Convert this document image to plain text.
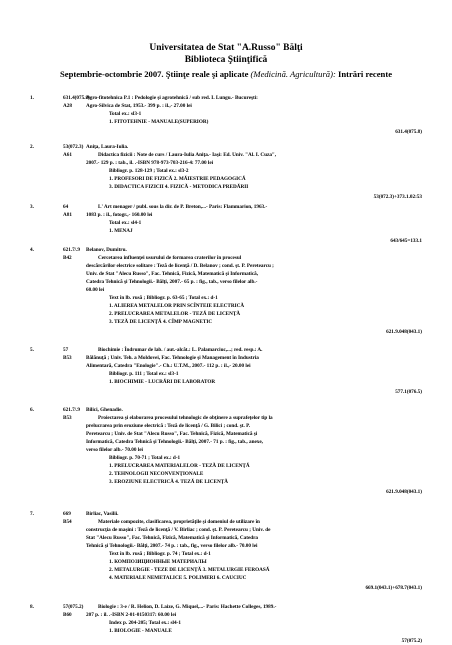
Universitatea de Stat "A.Russo" Bălţi
Biblioteca Ştiinţifică
Septembrie-octombrie 2007. Ştiinţe reale şi aplicate (Medicină. Agricultură): Intrări recente
1.	631.4(075.8)
A28
Agro-fitotehnica P.1 : Pedologie şi agrotehnică / sub red. I. Lungu.- Bucureşti:
Agro-Silvica de Stat, 1953.- 399 p. : il.,- 27.00 lei
Total ex.: sl3-1
1. FITOTEHNIE - MANUALE(SUPERIOR)
631.4(075.8)
2.	53(072.3)
A61
Aniţa, Laura-Iulia.
Didactica fizicii : Note de curs / Laura-Iulia Aniţa.- Iaşi: Ed. Univ. "Al. I. Cuza",
2007.- 129 p. : tab., il. .-ISBN 978-973-703-216-4: 77.00 lei
Bibliogr. p. 128-129 ; Total ex.: sl3-2
1. PROFESORI DE FIZICĂ 2. MĂIESTRIE PEDAGOGICĂ
3. DIDACTICA FIZICII 4. FIZICĂ - METODICA PREDĂRII
53(072.3)+373.1.02:53
3.	64
A81
L' Art menager / publ. sous la dir. de P. Breton,...- Paris: Flammarion, 1963.-
1083 p. : il., fotogr.,- 160.00 lei
Total ex.: sl4-1
1. MENAJ
643/645=133.1
4.	621.7/.9
B42
Belanov, Dumitru.
Cercetarea influenţei usurului de formarea craterilor în procesul
descărcărilor electrice solitare : Teză de licenţă / D. Belanov ; cond. şt. P. Peretearcu ;
Univ. de Stat "Alecu Russo", Fac. Tehnică, Fizică, Matematică şi Informatică,
Catedra Tehnică şi Tehnologii.- Bălţi, 2007.- 65 p. : fig., tab., verso filelor alb.-
60.00 lei
Text în lb. rusă ; Bibliogr. p. 63-65 ; Total ex.: d-1
1. ALIEREA METALELOR PRIN SCÎNTEIE ELECTRICĂ
2. PRELUCRAREA METALELOR - TEZĂ DE LICENŢĂ
3. TEZĂ DE LICENŢĂ 4. CÎMP MAGNETIC
621.9.048(043.1)
5.	57
B53
Biochimie : Îndrumar de lab. / aut.-alcăt.: L. Palamarciuc,...; red. resp.: A.
Bălănuţă ; Univ. Teh. a Moldovei, Fac. Tehnologie şi Management în Industria
Alimentară, Catedra "Enologie".- Ch.: U.T.M., 2007.- 112 p. : il.,- 20.00 lei
Bibliogr. p. 111 ; Total ex.: sl3-1
1. BIOCHIMIE - LUCRĂRI DE LABORATOR
577.1(076.5)
6.	621.7/.9
B53
Bilici, Ghenadie.
Proiectarea şi elaborarea procesului tehnologic de obţinere a suprafeţelor tip la
prelucrarea prin eroziune electrică : Teză de licenţă / G. Bilici ; cond. şt. P.
Peretearcu ; Univ. de Stat "Alecu Russo", Fac. Tehnică, Fizică, Matematică şi
Informatică, Catedra Tehnică şi Tehnologii.- Bălţi, 2007.- 71 p. : fig., tab., anexe,
verso filelor alb.- 70.00 lei
Bibliogr. p. 70-71 ; Total ex.: d-1
1. PRELUCRAREA MATERIALELOR - TEZĂ DE LICENŢĂ
2. TEHNOLOGII NECONVENŢIONALE
3. EROZIUNE ELECTRICĂ 4. TEZĂ DE LICENŢĂ
621.9.048(043.1)
7.	669
B54
Birliac, Vasilii.
Materiale compozite, clasificarea, proprietăţile şi domeniul de utilizare în
construcţia de maşini : Teză de licenţă / V. Birliac ; cond. şt. P. Peretearcu ; Univ. de
Stat "Alecu Russo", Fac. Tehnică, Fizică, Matematică şi Informatică, Catedra
Tehnică şi Tehnologii.- Bălţi, 2007.- 74 p. : tab., fig., verso filelor alb.- 70.00 lei
Text în lb. rusă ; Bibliogr. p. 74 ; Total ex.: d-1
1. КОМПОЗИЦИОННЫЕ МАТЕРИАЛЫ
2. METALURGIE - TEZE DE LICENŢĂ 3. METALURGIE FEROASĂ
4. MATERIALE NEMETALICE 5. POLIMERI 6. CAUCIUC
669.1(043.1)+678.7(043.1)
8.	57(075.2)
B60
Biologie : 3-e / R. Helion, D. Laize, G. Miquel,...- Paris: Hachette Colleges, 1989.-
207 p. : il. .-ISBN 2-01-0150317: 60.00 lei
Index p. 204-205; Total ex.: sl4-1
1. BIOLOGIE - MANUALE
57(075.2)
